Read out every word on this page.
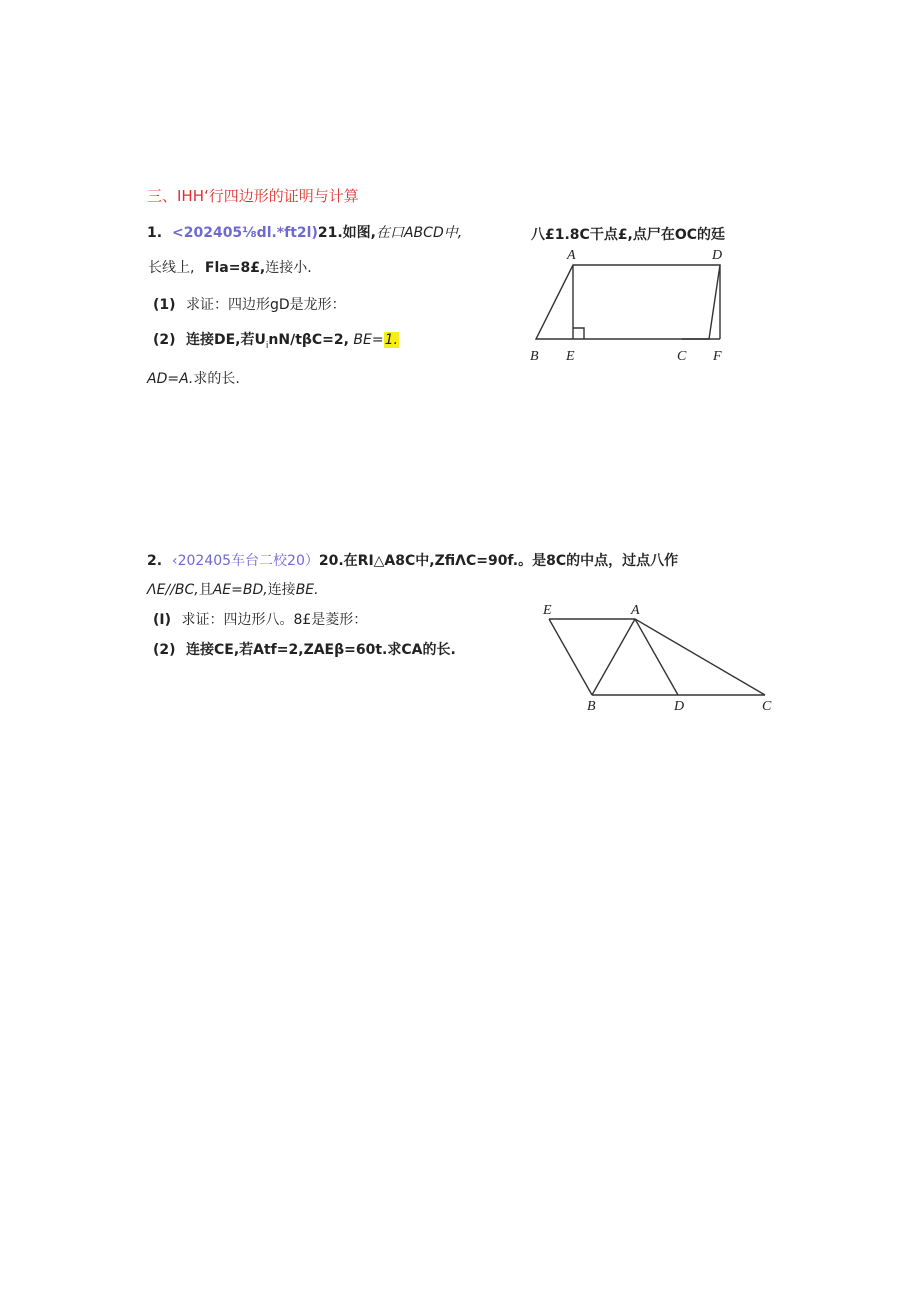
三、IHH‘行四边形的证明与计算
1. <202405⅛dl.*ft2l)21.如图,在口ABCD中,	八£1.8C干点£,点尸在OC的廷
长线上, Fla=8£,连接小.
(1) 求证：四边形gD是龙形：
(2) 连接DE,若$U_inN∕t\beta C=2$, BE=1.
AD=A.求的长.
A	D
B E	C F
2. ‹202405车台二校20）20.在RI△A8C中,ZfiΛC=90f.。是8C的中点，过点八作
ΛE∕∕BC,且AE=BD,连接BE.
(I) 求证：四边形八。8£是菱形：
(2) 连接CE,若Atf=2,ZAEβ=60t.求CA的长.
E	A
B	D	C
